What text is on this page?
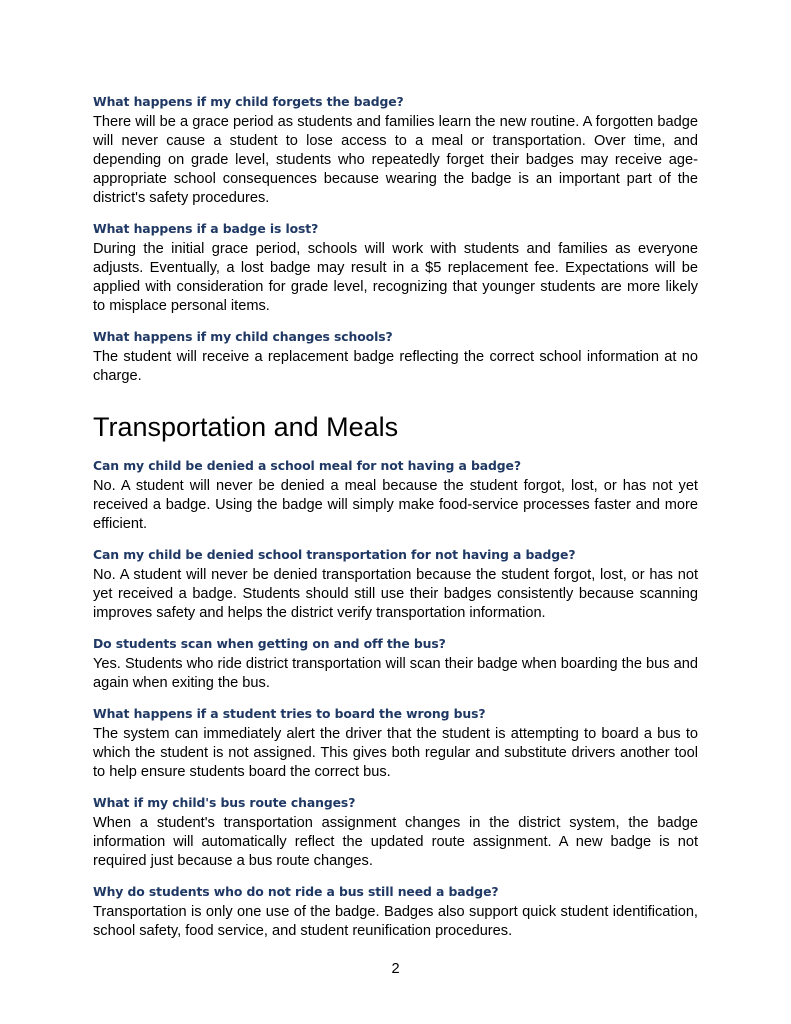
What happens if my child forgets the badge?

There will be a grace period as students and families learn the new routine. A forgotten badge will never cause a student to lose access to a meal or transportation. Over time, and depending on grade level, students who repeatedly forget their badges may receive age-appropriate school consequences because wearing the badge is an important part of the district's safety procedures.

What happens if a badge is lost?

During the initial grace period, schools will work with students and families as everyone adjusts. Eventually, a lost badge may result in a $5 replacement fee. Expectations will be applied with consideration for grade level, recognizing that younger students are more likely to misplace personal items.

What happens if my child changes schools?

The student will receive a replacement badge reflecting the correct school information at no charge.

Transportation and Meals
Can my child be denied a school meal for not having a badge?

No. A student will never be denied a meal because the student forgot, lost, or has not yet received a badge. Using the badge will simply make food-service processes faster and more efficient.

Can my child be denied school transportation for not having a badge?

No. A student will never be denied transportation because the student forgot, lost, or has not yet received a badge. Students should still use their badges consistently because scanning improves safety and helps the district verify transportation information.

Do students scan when getting on and off the bus?

Yes. Students who ride district transportation will scan their badge when boarding the bus and again when exiting the bus.

What happens if a student tries to board the wrong bus?

The system can immediately alert the driver that the student is attempting to board a bus to which the student is not assigned. This gives both regular and substitute drivers another tool to help ensure students board the correct bus.

What if my child's bus route changes?

When a student's transportation assignment changes in the district system, the badge information will automatically reflect the updated route assignment. A new badge is not required just because a bus route changes.

Why do students who do not ride a bus still need a badge?

Transportation is only one use of the badge. Badges also support quick student identification, school safety, food service, and student reunification procedures.

2
